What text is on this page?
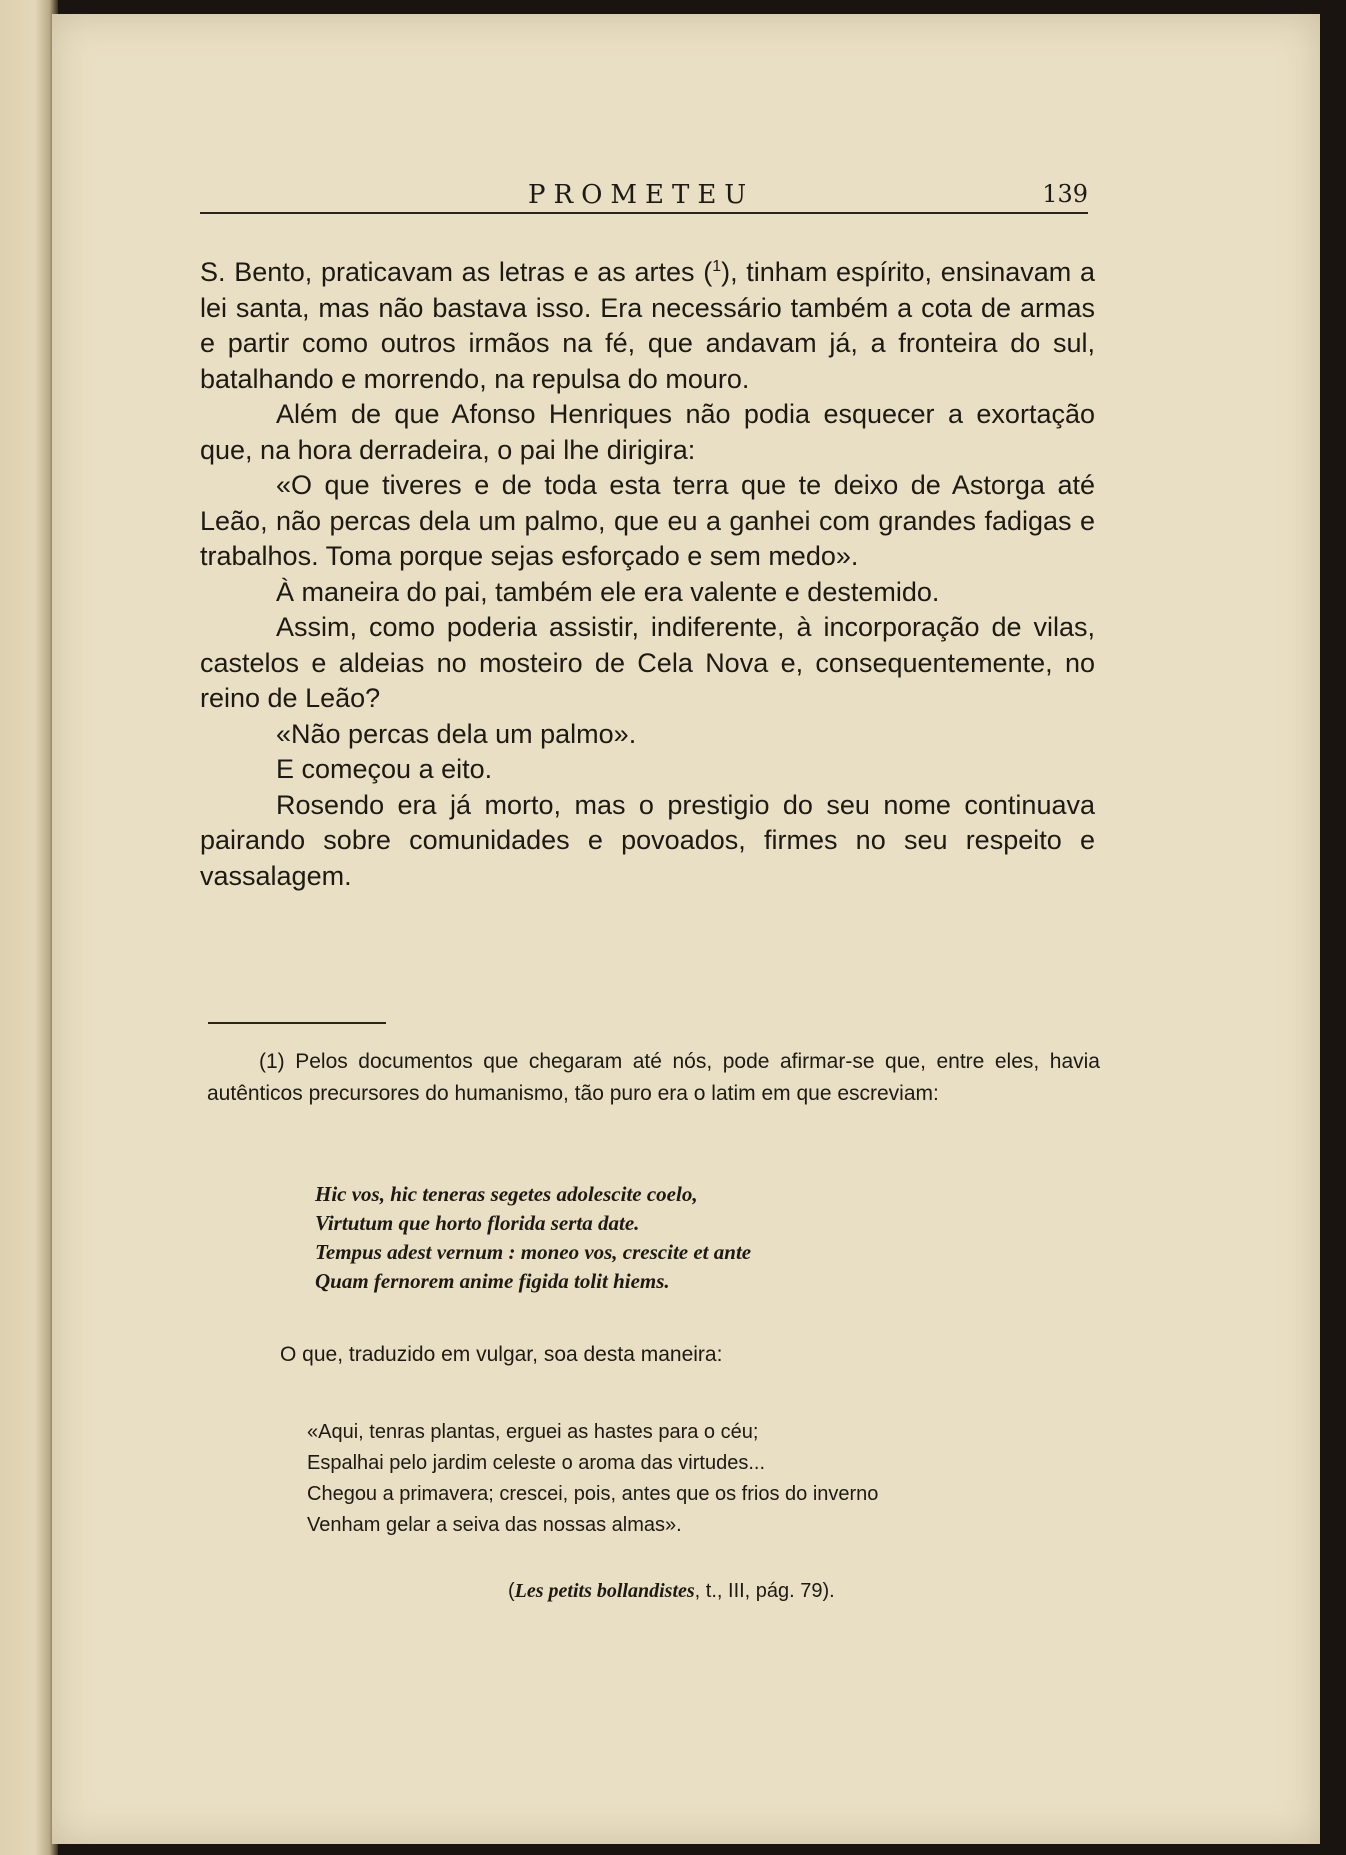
PROMETEU	139

S. Bento, praticavam as letras e as artes ($^1$), tinham espírito, ensinavam a lei santa, mas não bastava isso. Era necessário também a cota de armas e partir como outros irmãos na fé, que andavam já, a fronteira do sul, batalhando e morrendo, na repulsa do mouro.

Além de que Afonso Henriques não podia esquecer a exortação que, na hora derradeira, o pai lhe dirigira:

«O que tiveres e de toda esta terra que te deixo de Astorga até Leão, não percas dela um palmo, que eu a ganhei com grandes fadigas e trabalhos. Toma porque sejas esforçado e sem medo».

À maneira do pai, também ele era valente e destemido.

Assim, como poderia assistir, indiferente, à incorporação de vilas, castelos e aldeias no mosteiro de Cela Nova e, consequentemente, no reino de Leão?

«Não percas dela um palmo».

E começou a eito.

Rosendo era já morto, mas o prestigio do seu nome continuava pairando sobre comunidades e povoados, firmes no seu respeito e vassalagem.

(1) Pelos documentos que chegaram até nós, pode afirmar-se que, entre eles, havia autênticos precursores do humanismo, tão puro era o latim em que escreviam:

Hic vos, hic teneras segetes adolescite coelo,
Virtutum que horto florida serta date.
Tempus adest vernum : moneo vos, crescite et ante
Quam fernorem anime figida tolit hiems.
O que, traduzido em vulgar, soa desta maneira:
«Aqui, tenras plantas, erguei as hastes para o céu;
Espalhai pelo jardim celeste o aroma das virtudes...
Chegou a primavera; crescei, pois, antes que os frios do inverno
Venham gelar a seiva das nossas almas».
(Les petits bollandistes, t., III, pág. 79).
